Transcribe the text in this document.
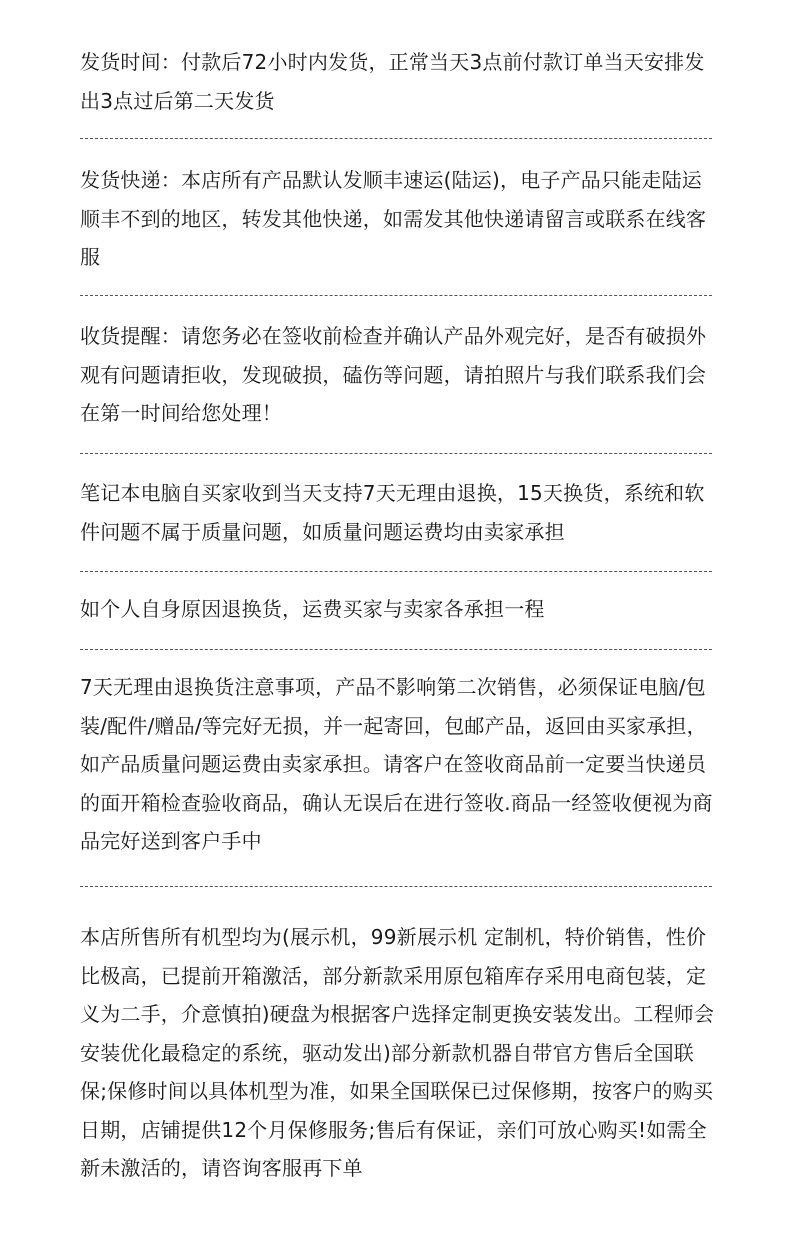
发货时间：付款后72小时内发货，正常当天3点前付款订单当天安排发出3点过后第二天发货

发货快递：本店所有产品默认发顺丰速运(陆运)，电子产品只能走陆运顺丰不到的地区，转发其他快递，如需发其他快递请留言或联系在线客服

收货提醒：请您务必在签收前检查并确认产品外观完好，是否有破损外观有问题请拒收，发现破损，磕伤等问题，请拍照片与我们联系我们会在第一时间给您处理！

笔记本电脑自买家收到当天支持7天无理由退换，15天换货，系统和软件问题不属于质量问题，如质量问题运费均由卖家承担

如个人自身原因退换货，运费买家与卖家各承担一程

7天无理由退换货注意事项，产品不影响第二次销售，必须保证电脑/包装/配件/赠品/等完好无损，并一起寄回，包邮产品，返回由买家承担，如产品质量问题运费由卖家承担。请客户在签收商品前一定要当快递员的面开箱检查验收商品，确认无误后在进行签收.商品一经签收便视为商品完好送到客户手中

本店所售所有机型均为(展示机，99新展示机 定制机，特价销售，性价比极高，已提前开箱激活，部分新款采用原包箱库存采用电商包装，定义为二手，介意慎拍)硬盘为根据客户选择定制更换安装发出。工程师会安装优化最稳定的系统，驱动发出)部分新款机器自带官方售后全国联保;保修时间以具体机型为准，如果全国联保已过保修期，按客户的购买日期，店铺提供12个月保修服务;售后有保证，亲们可放心购买!如需全新未激活的，请咨询客服再下单
